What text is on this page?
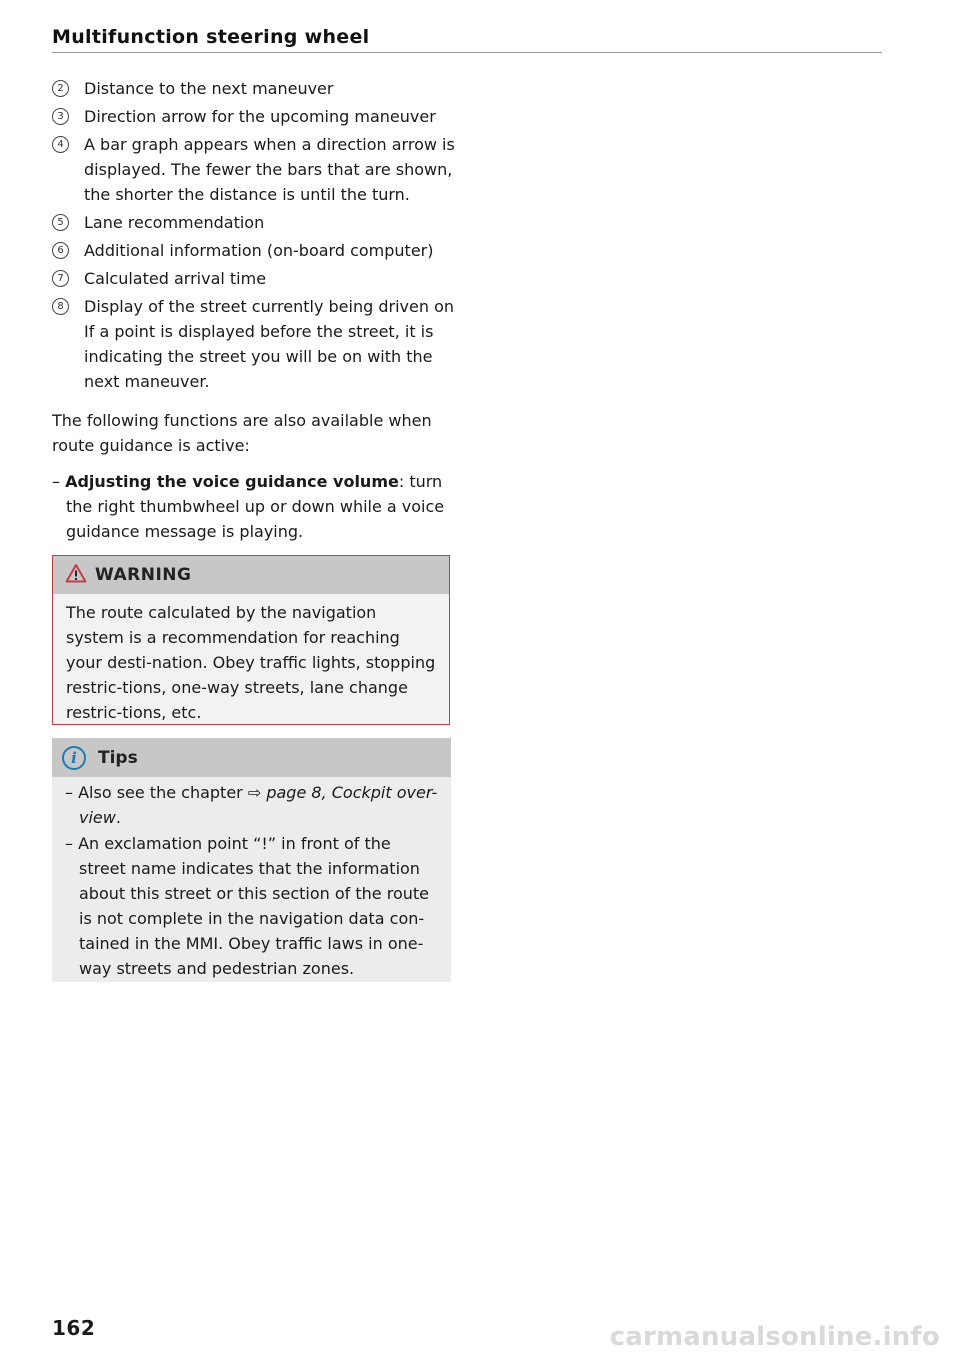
Multifunction steering wheel
2	Distance to the next maneuver
3	Direction arrow for the upcoming maneuver
4	A bar graph appears when a direction arrow is displayed. The fewer the bars that are shown, the shorter the distance is until the turn.
5	Lane recommendation
6	Additional information (on-board computer)
7	Calculated arrival time
8	Display of the street currently being driven on If a point is displayed before the street, it is indicating the street you will be on with the next maneuver.
The following functions are also available when route guidance is active:
– Adjusting the voice guidance volume: turn the right thumbwheel up or down while a voice guidance message is playing.
WARNING
The route calculated by the navigation system is a recommendation for reaching your desti-nation. Obey traffic lights, stopping restric-tions, one-way streets, lane change restric-tions, etc.
i	Tips
– Also see the chapter ⇨ page 8, Cockpit over-view.
– An exclamation point “!” in front of the street name indicates that the information about this street or this section of the route is not complete in the navigation data con-tained in the MMI. Obey traffic laws in one-way streets and pedestrian zones.
162	carmanualsonline.info
